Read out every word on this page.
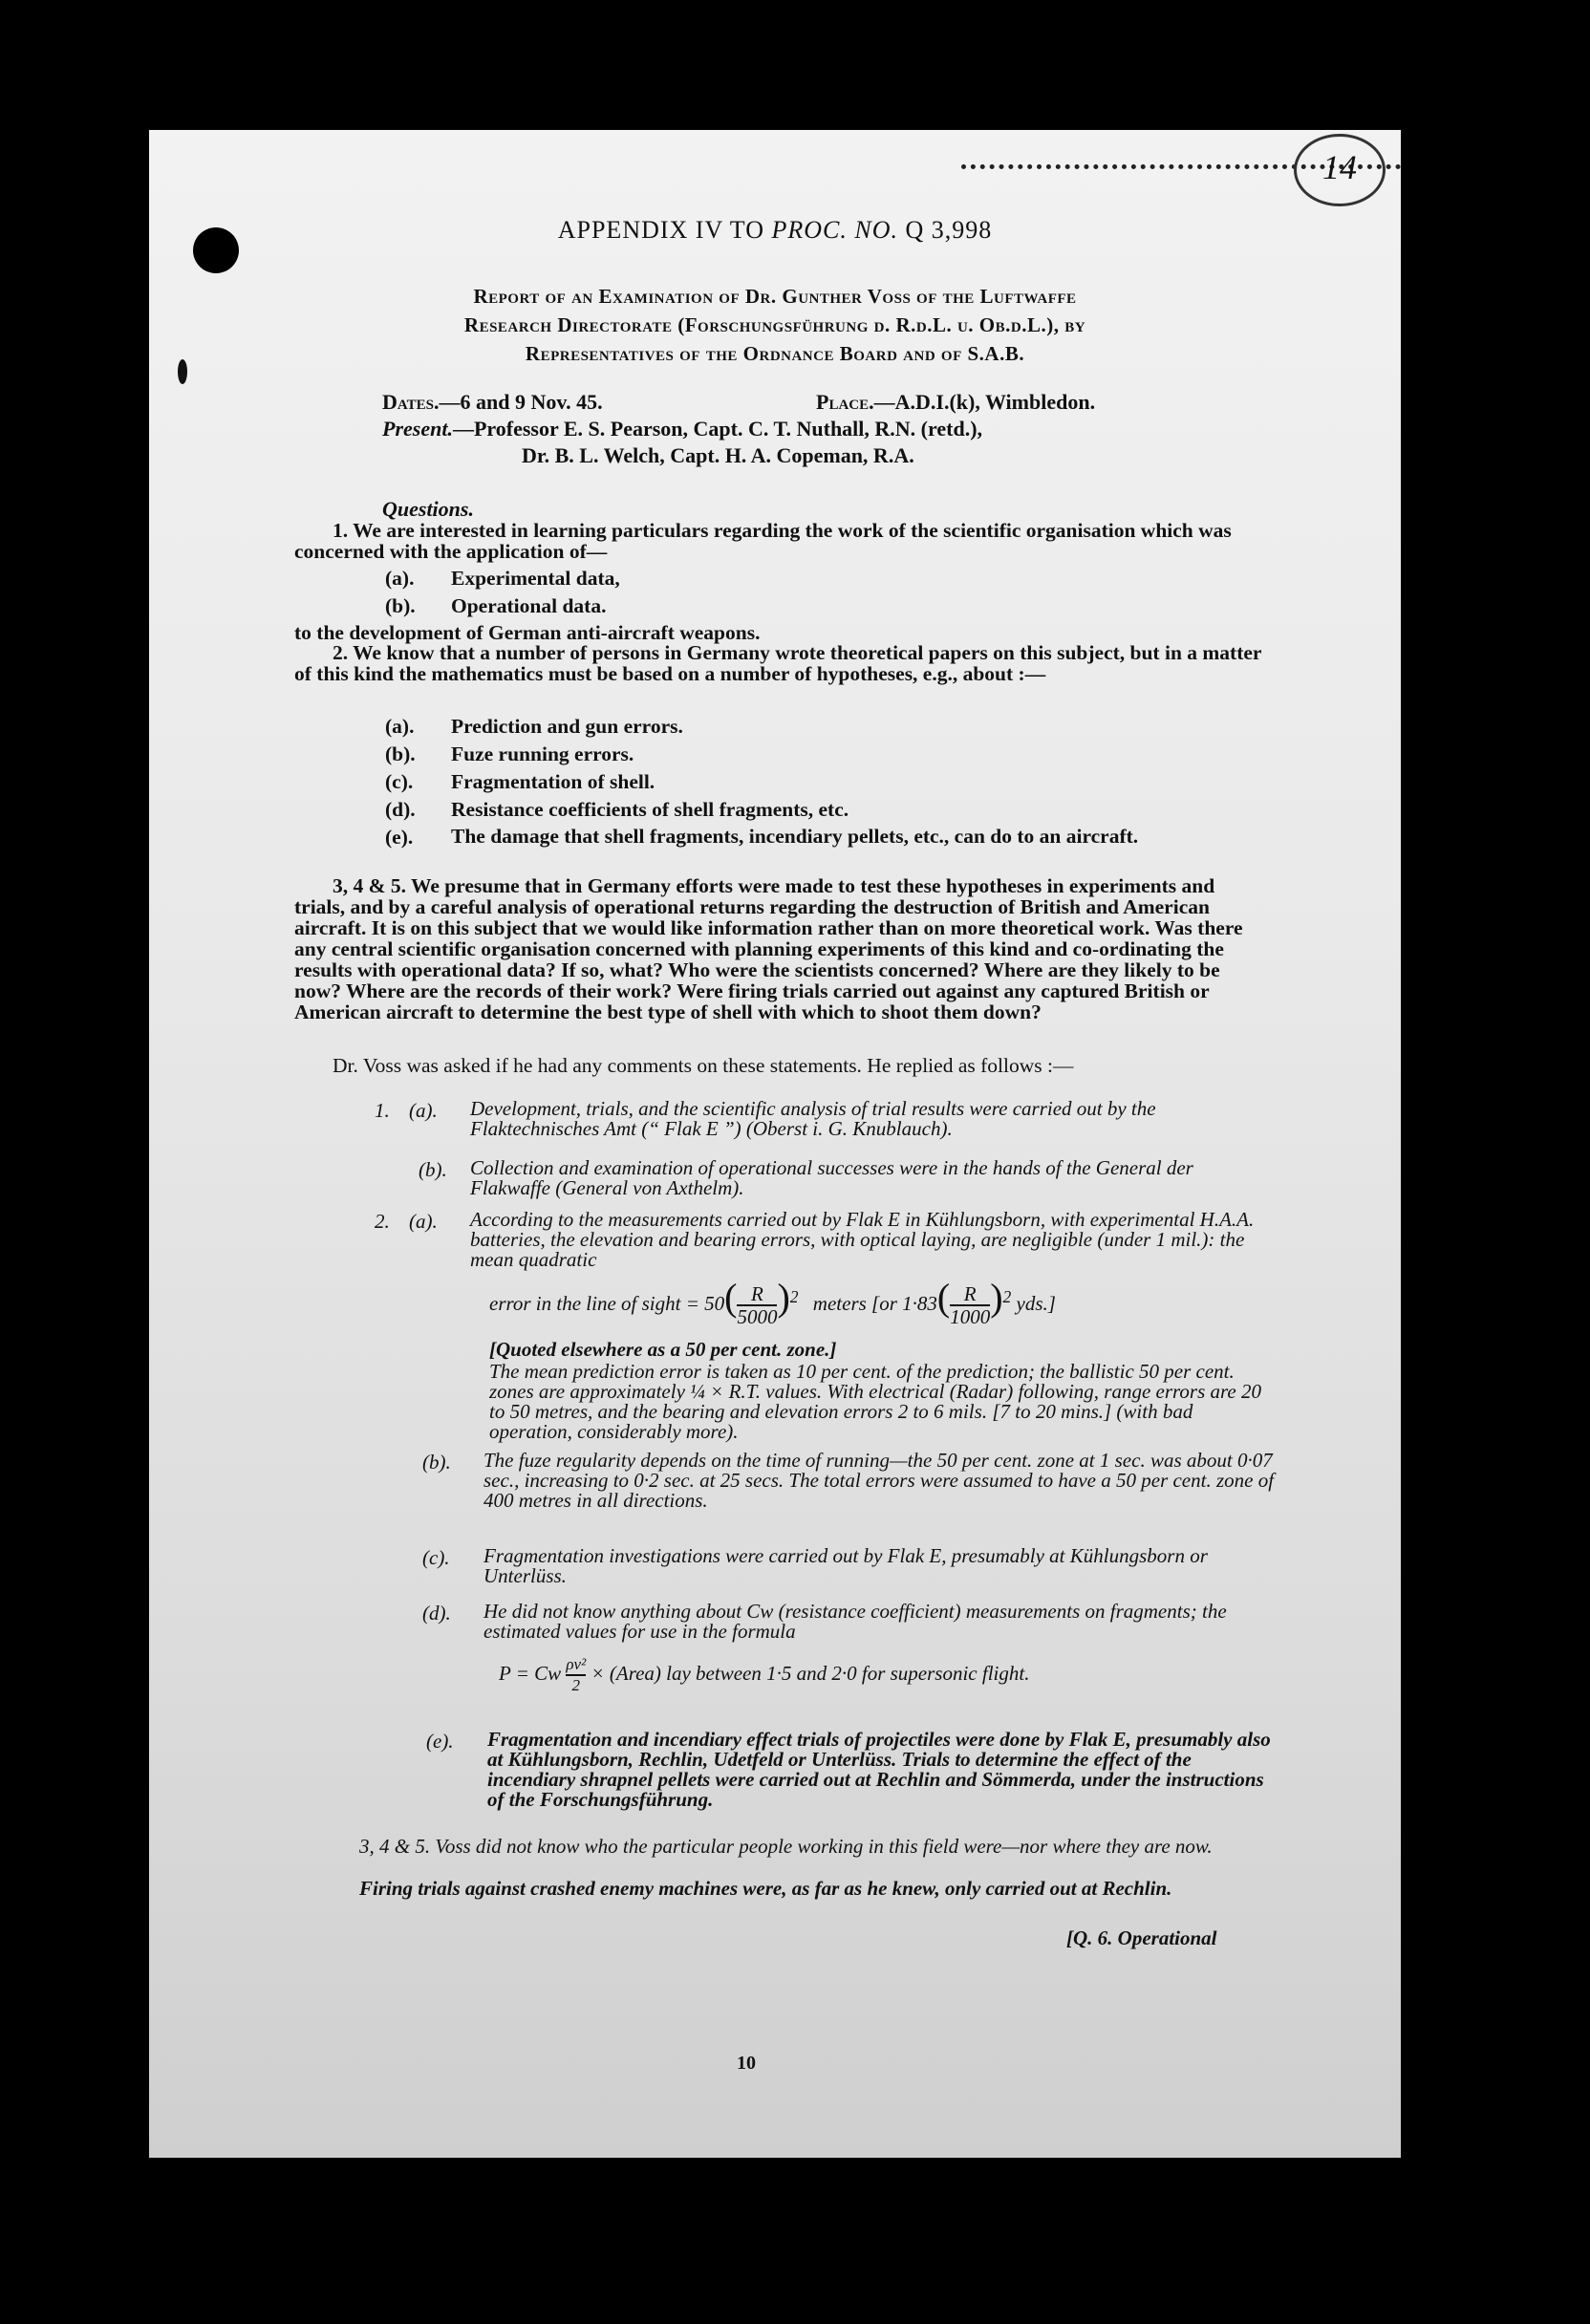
14
APPENDIX IV TO PROC. NO. Q 3,998
Report of an Examination of Dr. Gunther Voss of the Luftwaffe
Research Directorate (Forschungsführung d. R.d.L. u. Ob.d.L.), by
Representatives of the Ordnance Board and of S.A.B.
Dates.—6 and 9 Nov. 45.	Place.—A.D.I.(k), Wimbledon.
Present.—Professor E. S. Pearson, Capt. C. T. Nuthall, R.N. (retd.),
Dr. B. L. Welch, Capt. H. A. Copeman, R.A.
Questions.
1. We are interested in learning particulars regarding the work of the scientific organisation which was concerned with the application of—
(a). Experimental data,
(b). Operational data.
to the development of German anti-aircraft weapons.
2. We know that a number of persons in Germany wrote theoretical papers on this subject, but in a matter of this kind the mathematics must be based on a number of hypotheses, e.g., about :—
(a). Prediction and gun errors.
(b). Fuze running errors.
(c). Fragmentation of shell.
(d). Resistance coefficients of shell fragments, etc.
(e). The damage that shell fragments, incendiary pellets, etc., can do to an aircraft.
3, 4 & 5. We presume that in Germany efforts were made to test these hypotheses in experiments and trials, and by a careful analysis of operational returns regarding the destruction of British and American aircraft. It is on this subject that we would like information rather than on more theoretical work. Was there any central scientific organisation concerned with planning experiments of this kind and co-ordinating the results with operational data? If so, what? Who were the scientists concerned? Where are they likely to be now? Where are the records of their work? Were firing trials carried out against any captured British or American aircraft to determine the best type of shell with which to shoot them down?
Dr. Voss was asked if he had any comments on these statements. He replied as follows :—
1. (a). Development, trials, and the scientific analysis of trial results were carried out by the Flaktechnisches Amt (“ Flak E ”) (Oberst i. G. Knublauch).
(b). Collection and examination of operational successes were in the hands of the General der Flakwaffe (General von Axthelm).
2. (a). According to the measurements carried out by Flak E in Kühlungsborn, with experimental H.A.A. batteries, the elevation and bearing errors, with optical laying, are negligible (under 1 mil.): the mean quadratic
error in the line of sight = $50( \frac{R}{5000} )^2$ meters [or $1\cdot 83( \frac{R}{1000} )^2$ yds.]
[Quoted elsewhere as a 50 per cent. zone.]
The mean prediction error is taken as 10 per cent. of the prediction; the ballistic 50 per cent. zones are approximately ¼ × R.T. values. With electrical (Radar) following, range errors are 20 to 50 metres, and the bearing and elevation errors 2 to 6 mils. [7 to 20 mins.] (with bad operation, considerably more).
(b). The fuze regularity depends on the time of running—the 50 per cent. zone at 1 sec. was about 0·07 sec., increasing to 0·2 sec. at 25 secs. The total errors were assumed to have a 50 per cent. zone of 400 metres in all directions.
(c). Fragmentation investigations were carried out by Flak E, presumably at Kühlungsborn or Unterlüss.
(d). He did not know anything about Cw (resistance coefficient) measurements on fragments; the estimated values for use in the formula
P = Cw $\frac{\text{ρv²}}{2}$ × (Area) lay between 1·5 and 2·0 for supersonic flight.
(e). Fragmentation and incendiary effect trials of projectiles were done by Flak E, presumably also at Kühlungsborn, Rechlin, Udetfeld or Unterlüss. Trials to determine the effect of the incendiary shrapnel pellets were carried out at Rechlin and Sömmerda, under the instructions of the Forschungsführung.
3, 4 & 5. Voss did not know who the particular people working in this field were—nor where they are now.
Firing trials against crashed enemy machines were, as far as he knew, only carried out at Rechlin.
[Q. 6. Operational
10
